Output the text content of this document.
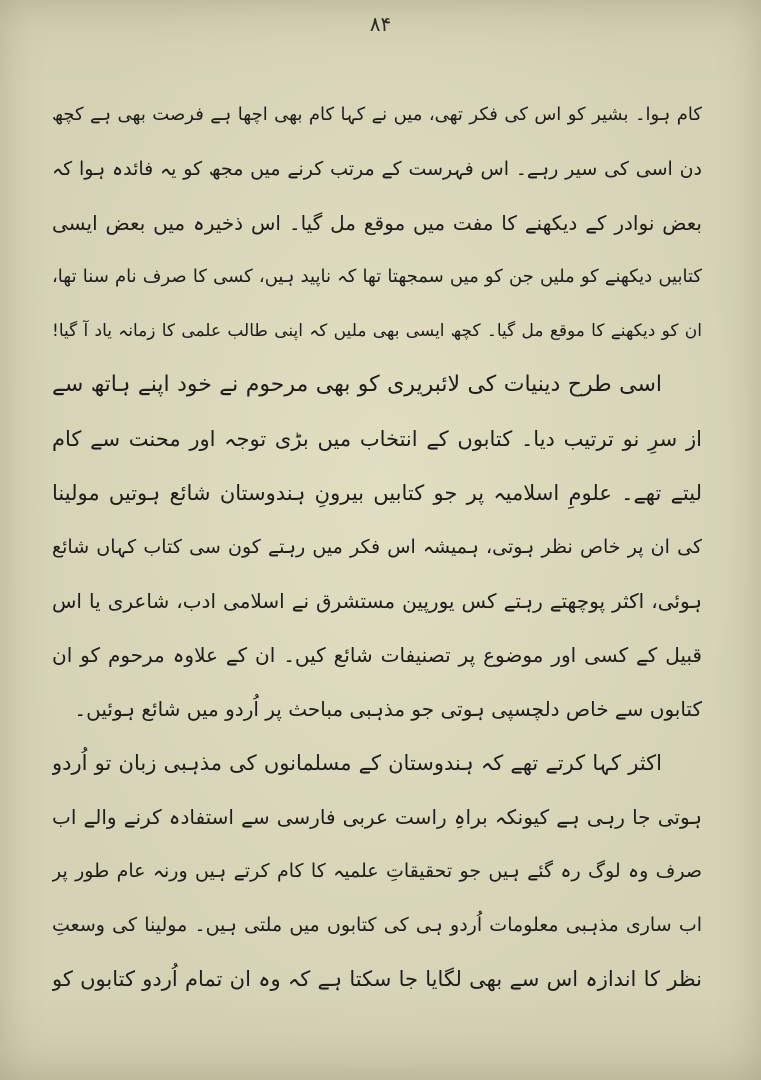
۸۴
کام ہوا۔ بشیر کو اس کی فکر تھی، میں نے کہا کام بھی اچھا ہے فرصت بھی ہے کچھ
دن اسی کی سیر رہے۔ اس فہرست کے مرتب کرنے میں مجھ کو یہ فائدہ ہوا کہ
بعض نوادر کے دیکھنے کا مفت میں موقع مل گیا۔ اس ذخیرہ میں بعض ایسی
کتابیں دیکھنے کو ملیں جن کو میں سمجھتا تھا کہ ناپید ہیں، کسی کا صرف نام سنا تھا،
ان کو دیکھنے کا موقع مل گیا۔ کچھ ایسی بھی ملیں کہ اپنی طالب علمی کا زمانہ یاد آ گیا!
اسی طرح دینیات کی لائبریری کو بھی مرحوم نے خود اپنے ہاتھ سے
از سرِ نو ترتیب دیا۔ کتابوں کے انتخاب میں بڑی توجہ اور محنت سے کام
لیتے تھے۔ علومِ اسلامیہ پر جو کتابیں بیرونِ ہندوستان شائع ہوتیں مولینا
کی ان پر خاص نظر ہوتی، ہمیشہ اس فکر میں رہتے کون سی کتاب کہاں شائع
ہوئی، اکثر پوچھتے رہتے کس یورپین مستشرق نے اسلامی ادب، شاعری یا اس
قبیل کے کسی اور موضوع پر تصنیفات شائع کیں۔ ان کے علاوہ مرحوم کو ان
کتابوں سے خاص دلچسپی ہوتی جو مذہبی مباحث پر اُردو میں شائع ہوئیں۔
اکثر کہا کرتے تھے کہ ہندوستان کے مسلمانوں کی مذہبی زبان تو اُردو
ہوتی جا رہی ہے کیونکہ براہِ راست عربی فارسی سے استفادہ کرنے والے اب
صرف وہ لوگ رہ گئے ہیں جو تحقیقاتِ علمیہ کا کام کرتے ہیں ورنہ عام طور پر
اب ساری مذہبی معلومات اُردو ہی کی کتابوں میں ملتی ہیں۔ مولینا کی وسعتِ
نظر کا اندازہ اس سے بھی لگایا جا سکتا ہے کہ وہ ان تمام اُردو کتابوں کو
